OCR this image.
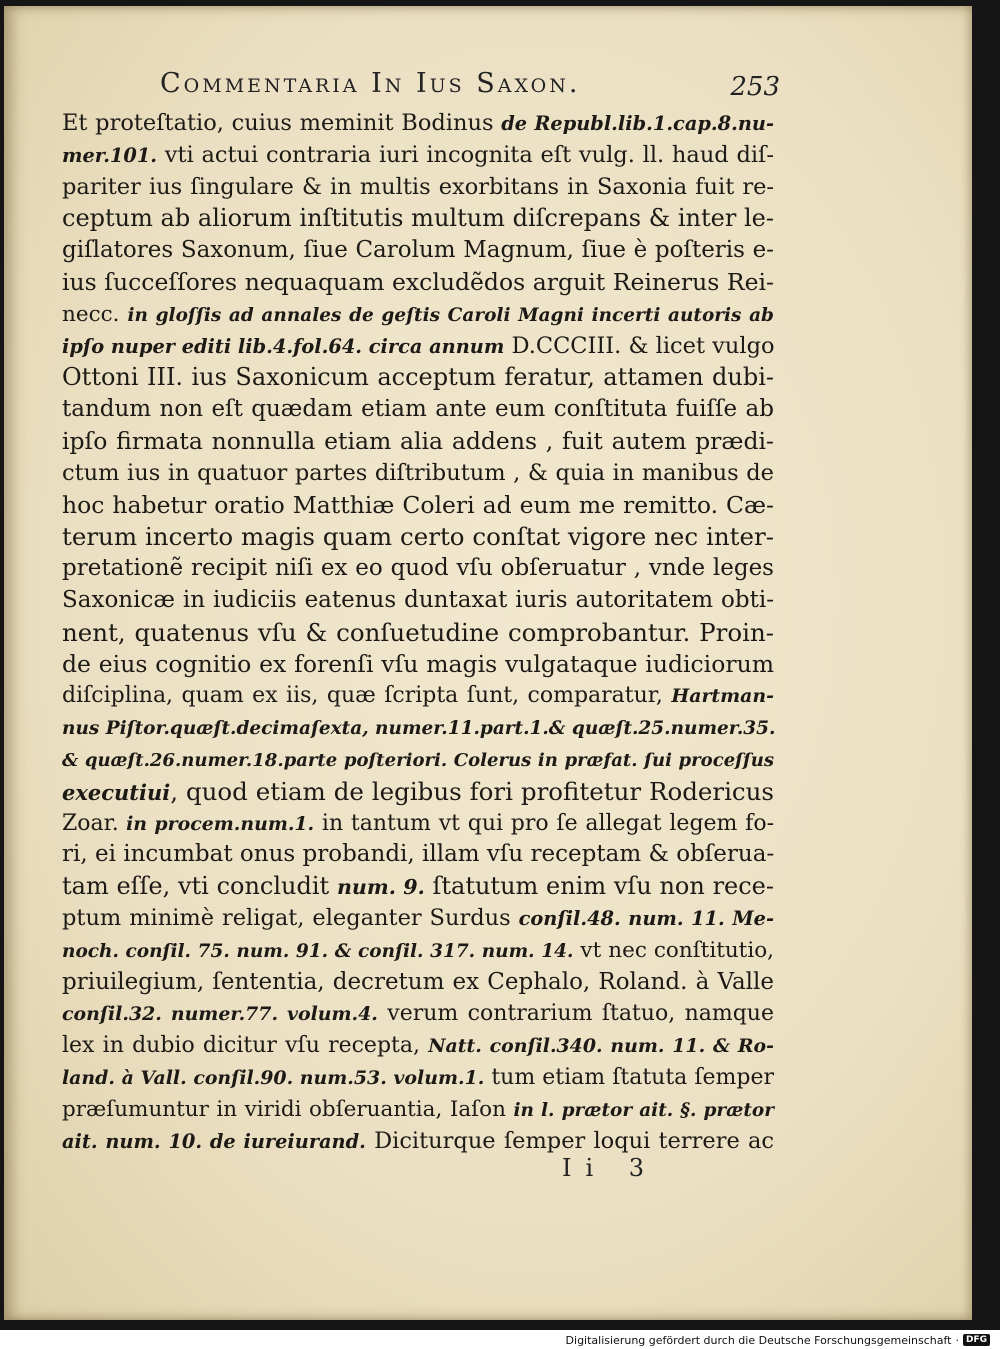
Commentaria In Ius Saxon.	253
Et proteſtatio, cuius meminit Bodinus de Republ.lib.1.cap.8.nu-
mer.101. vti actui contraria iuri incognita eſt vulg. ll. haud diſ-
pariter ius ſingulare & in multis exorbitans in Saxonia fuit re-
ceptum ab aliorum inſtitutis multum diſcrepans & inter le-
giſlatores Saxonum, ſiue Carolum Magnum, ſiue è poſteris e-
ius ſucceſſores nequaquam excludẽdos arguit Reinerus Rei-
necc. in gloſſis ad annales de geſtis Caroli Magni incerti autoris ab
ipſo nuper editi lib.4.fol.64. circa annum D.CCCIII. & licet vulgo
Ottoni III. ius Saxonicum acceptum feratur, attamen dubi-
tandum non eſt quædam etiam ante eum conſtituta fuiſſe ab
ipſo firmata nonnulla etiam alia addens , fuit autem prædi-
ctum ius in quatuor partes diſtributum , & quia in manibus de
hoc habetur oratio Matthiæ Coleri ad eum me remitto. Cæ-
terum incerto magis quam certo conſtat vigore nec inter-
pretationẽ recipit niſi ex eo quod vſu obſeruatur , vnde leges
Saxonicæ in iudiciis eatenus duntaxat iuris autoritatem obti-
nent, quatenus vſu & conſuetudine comprobantur. Proin-
de eius cognitio ex forenſi vſu magis vulgataque iudiciorum
diſciplina, quam ex iis, quæ ſcripta ſunt, comparatur, Hartman-
nus Piſtor.quæſt.decimaſexta, numer.11.part.1.& quæſt.25.numer.35.
& quæſt.26.numer.18.parte poſteriori. Colerus in præfat. ſui proceſſus
executiui, quod etiam de legibus fori profitetur Rodericus
Zoar. in procem.num.1. in tantum vt qui pro ſe allegat legem fo-
ri, ei incumbat onus probandi, illam vſu receptam & obſerua-
tam eſſe, vti concludit num. 9. ſtatutum enim vſu non rece-
ptum minimè religat, eleganter Surdus conſil.48. num. 11. Me-
noch. conſil. 75. num. 91. & conſil. 317. num. 14. vt nec conſtitutio,
priuilegium, ſententia, decretum ex Cephalo, Roland. à Valle
conſil.32. numer.77. volum.4. verum contrarium ſtatuo, namque
lex in dubio dicitur vſu recepta, Natt. conſil.340. num. 11. & Ro-
land. à Vall. conſil.90. num.53. volum.1. tum etiam ſtatuta ſemper
præſumuntur in viridi obſeruantia, Iaſon in l. prætor ait. §. prætor
ait. num. 10. de iureiurand. Diciturque ſemper loqui terrere ac
Ii 3
Digitalisierung gefördert durch die Deutsche Forschungsgemeinschaft · DFG
